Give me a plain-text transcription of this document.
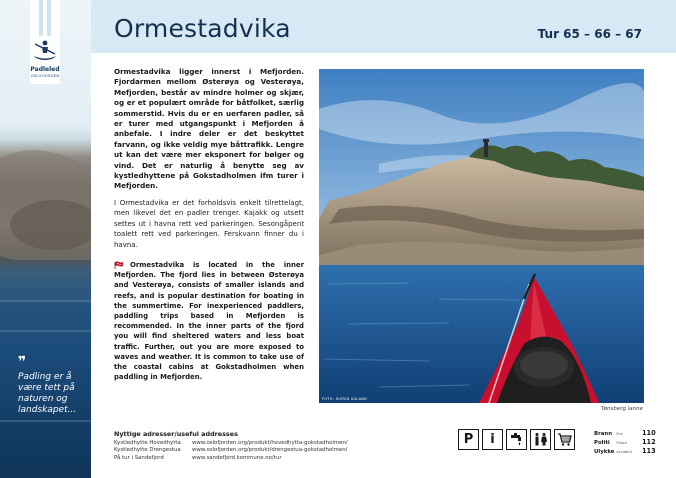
Padleled
OSLOFJORDEN
❞
Padling er å være tett på naturen og landskapet...
Ormestadvika	Tur 65 – 66 – 67

Ormestadvika ligger innerst i Mefjorden. Fjordarmen mellom Østerøya og Vesterøya, Mefjorden, består av mindre holmer og skjær, og er et populært område for båtfolket, særlig sommerstid. Hvis du er en uerfaren padler, så er turer med utgangspunkt i Mefjorden å anbefale. I indre deler er det beskyttet farvann, og ikke veldig mye båttrafikk. Lengre ut kan det være mer eksponert for bølger og vind. Det er naturlig å benytte seg av kystledhyttene på Gokstadholmen ifm turer i Mefjorden.

I Ormestadvika er det forholdsvis enkelt tilrettelagt, men likevel det en padler trenger. Kajakk og utsett settes ut i havna rett ved parkeringen. Sesongåpent toalett rett ved parkeringen. Ferskvann finner du i havna.

Ormestadvika is located in the inner Mefjorden. The fjord lies in between Østerøya and Vesterøya, consists of smaller islands and reefs, and is popular destination for boating in the summertime. For inexperienced paddlers, paddling trips based in Mefjorden is recommended. In the inner parts of the fjord you will find sheltered waters and less boat traffic. Further, out you are more exposed to waves and weather. It is common to take use of the coastal cabins at Gokstadholmen when paddling in Mefjorden.
FOTO: SIGRID ASLAND
Tønsberg lanne
Nyttige adresser/useful addresses
Kystledhytte Hovedhytta	www.oslofjorden.org/produkt/hovedhytta-gokstadholmen/
Kystledhytte Drengestua	www.oslofjorden.org/produkt/drengestua-gokstadholmen/
På tur i Sandefjord	www.sandefjord.kommune.no/tur
P i	Brann	Fire	110
Politi	Police	112
Ulykke	Accident	113
